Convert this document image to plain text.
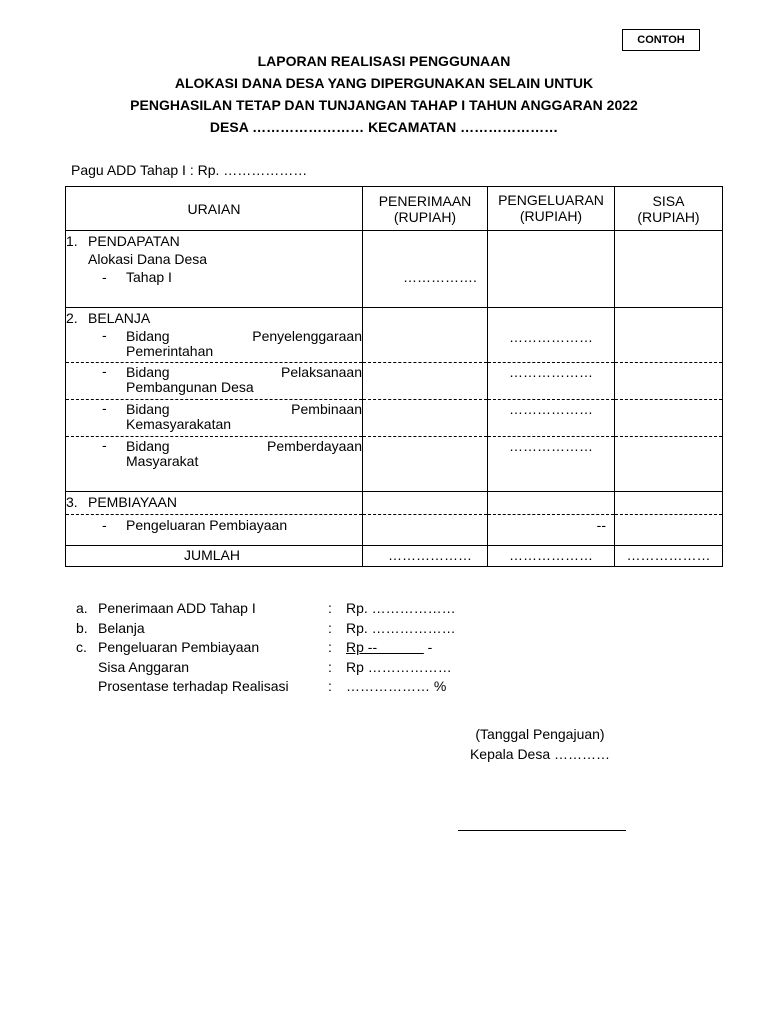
CONTOH
LAPORAN REALISASI PENGGUNAAN
ALOKASI DANA DESA YANG DIPERGUNAKAN SELAIN UNTUK
PENGHASILAN TETAP DAN TUNJANGAN TAHAP I TAHUN ANGGARAN 2022
DESA …………………… KECAMATAN …………………
Pagu ADD Tahap I : Rp. ………………
URAIAN	PENERIMAAN (RUPIAH)	PENGELUARAN (RUPIAH)	SISA (RUPIAH)

1. PENDAPATAN
Alokasi Dana Desa
- Tahap I	…………….		

2. BELANJA
- Bidang Penyelenggaraan
Pemerintahan		………………	

- Bidang Pelaksanaan
Pembangunan Desa		………………	

- Bidang Pembinaan
Kemasyarakatan		………………	

- Bidang Pemberdayaan
Masyarakat		………………	

3. PEMBIAYAAN			

- Pengeluaran Pembiayaan		--	

JUMLAH	………………	………………	………………
a. Penerimaan ADD Tahap I	:	Rp. ………………
b. Belanja	:	Rp. ………………
c. Pengeluaran Pembiayaan	:	Rp --             -
Sisa Anggaran	:	Rp ………………
Prosentase terhadap Realisasi	:	……………… %
(Tanggal Pengajuan)
Kepala Desa …………
